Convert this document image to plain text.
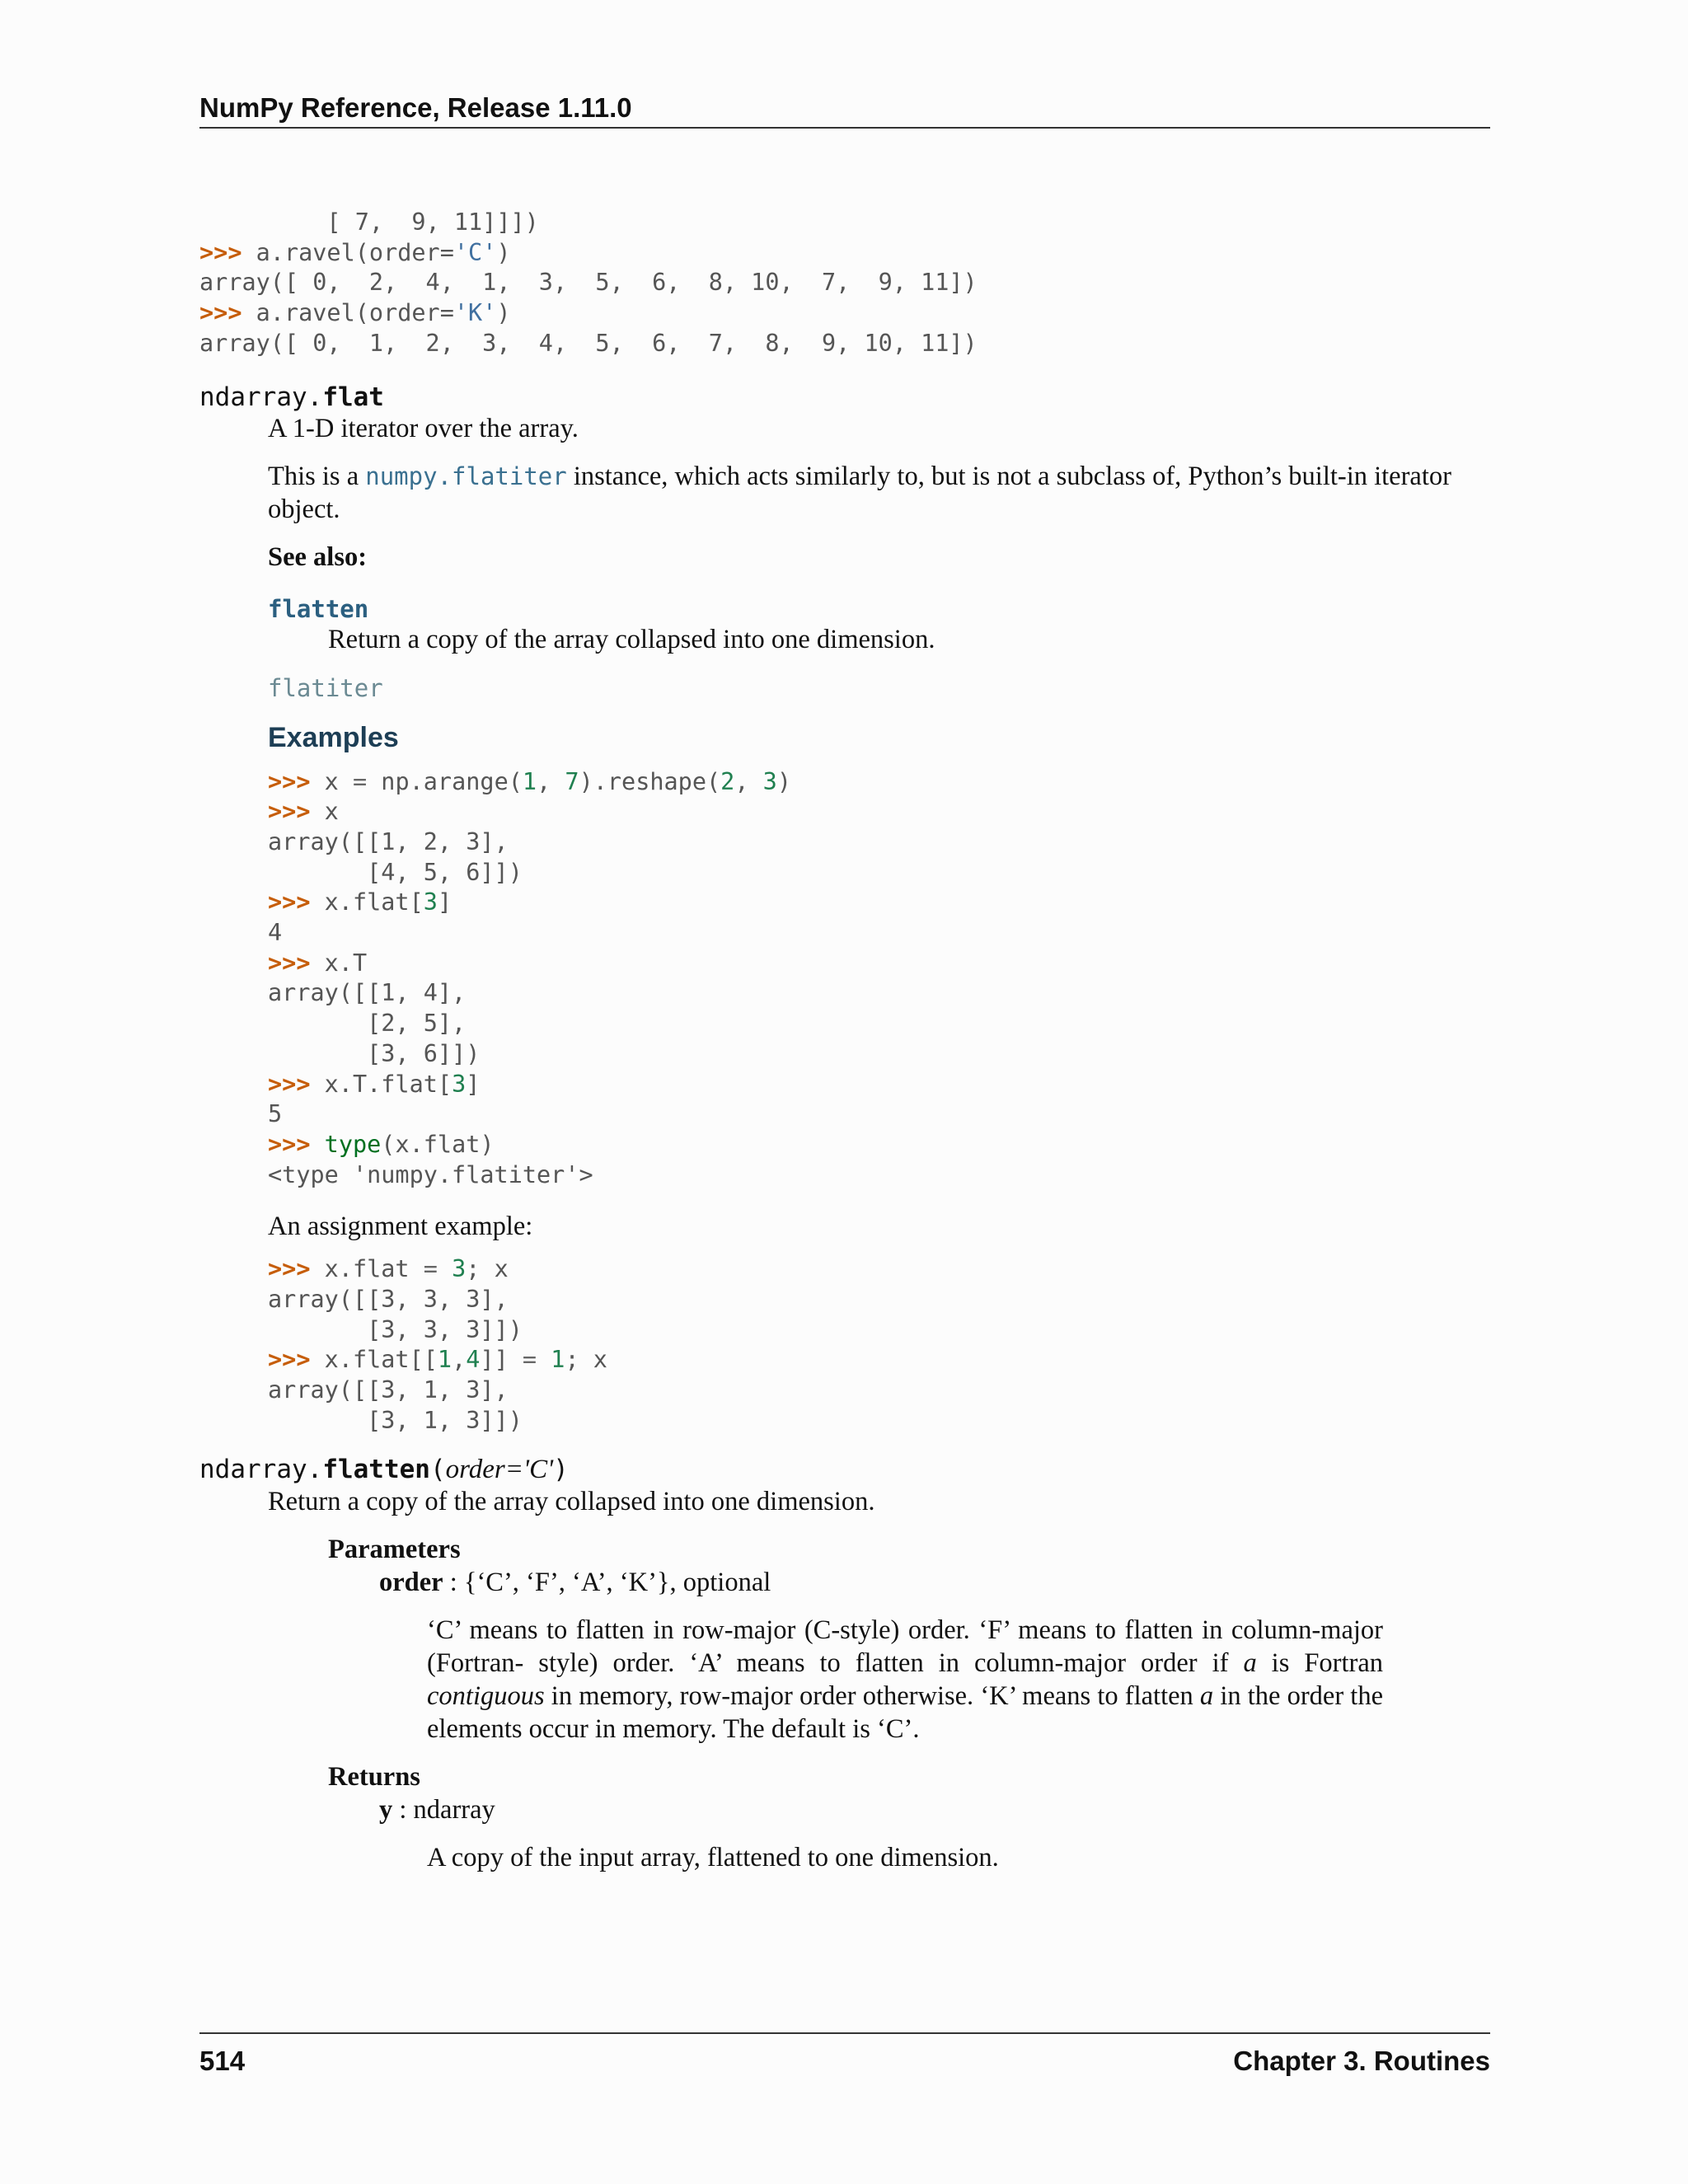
NumPy Reference, Release 1.11.0
[ 7,  9, 11]]])
>>> a.ravel(order='C')
array([ 0,  2,  4,  1,  3,  5,  6,  8, 10,  7,  9, 11])
>>> a.ravel(order='K')
array([ 0,  1,  2,  3,  4,  5,  6,  7,  8,  9, 10, 11])
ndarray.flat
A 1-D iterator over the array.
This is a numpy.flatiter instance, which acts similarly to, but is not a subclass of, Python’s built-in iterator object.
See also:
flatten
Return a copy of the array collapsed into one dimension.
flatiter
Examples
>>> x = np.arange(1, 7).reshape(2, 3)
>>> x
array([[1, 2, 3],
[4, 5, 6]])
>>> x.flat[3]
4
>>> x.T
array([[1, 4],
[2, 5],
[3, 6]])
>>> x.T.flat[3]
5
>>> type(x.flat)
<type 'numpy.flatiter'>
An assignment example:
>>> x.flat = 3; x
array([[3, 3, 3],
[3, 3, 3]])
>>> x.flat[[1,4]] = 1; x
array([[3, 1, 3],
[3, 1, 3]])
ndarray.flatten(order='C')
Return a copy of the array collapsed into one dimension.
Parameters
order : {‘C’, ‘F’, ‘A’, ‘K’}, optional
‘C’ means to flatten in row-major (C-style) order. ‘F’ means to flatten in column-major (Fortran- style) order. ‘A’ means to flatten in column-major order if a is Fortran contiguous in memory, row-major order otherwise. ‘K’ means to flatten a in the order the elements occur in memory. The default is ‘C’.
Returns
y : ndarray
A copy of the input array, flattened to one dimension.
514	Chapter 3. Routines
